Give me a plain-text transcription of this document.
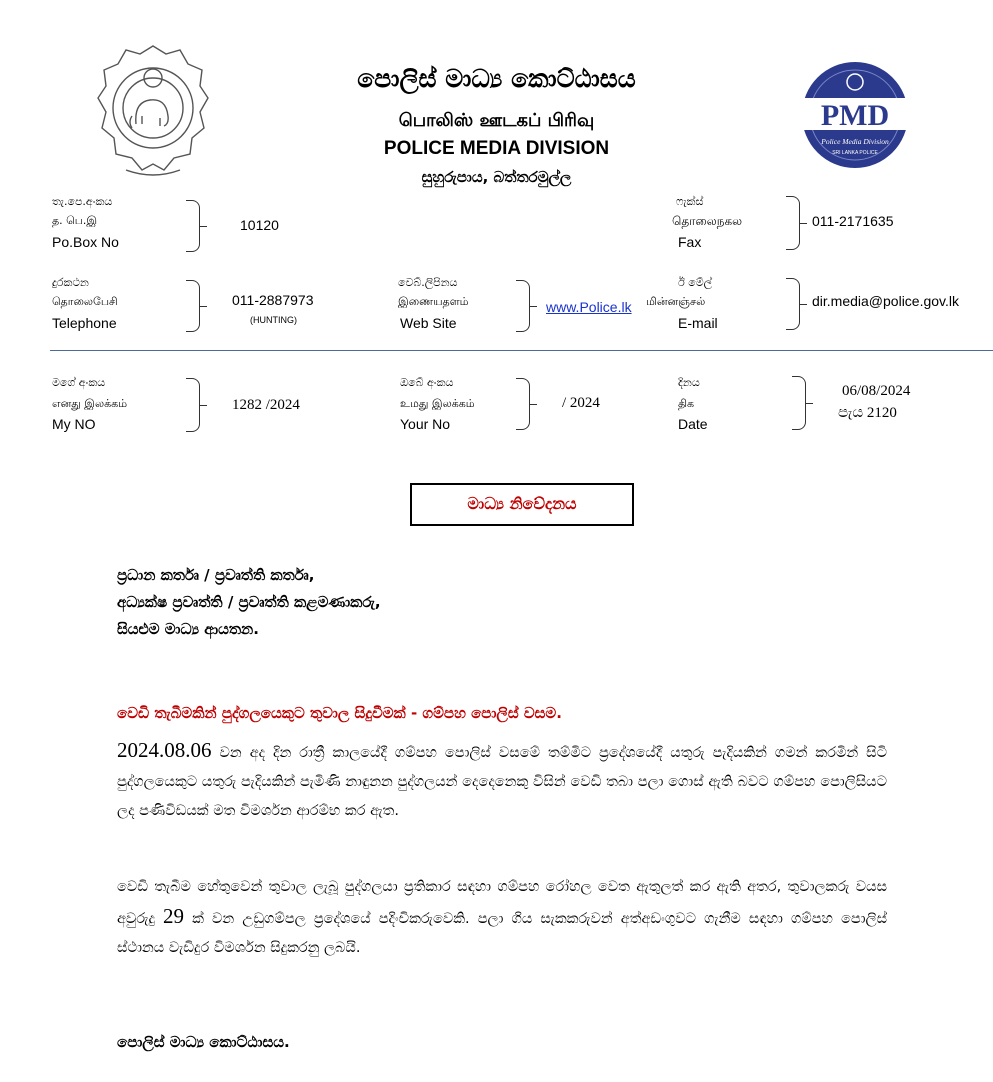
පොලිස් මාධ්‍ය කොට්ඨාසය
பொலிஸ் ஊடகப் பிரிவு
POLICE MEDIA DIVISION
සුහුරුපාය, බත්තරමුල්ල
PMD
Police Media Division
SRI LANKA POLICE
තැ.පෙ.අංකය
த. பெ.இ
Po.Box No
10120
ෆැක්ස්
தொலைநகல
Fax
011-2171635
දුරකථන
தொலைபேசி
Telephone
011-2887973
(HUNTING)
වෙබ්.ලිපිනය
இணையதளம்
Web Site
www.Police.lk
ඊ මේල්
மின்னஞ்சல்
E-mail
dir.media@police.gov.lk
මගේ අංකය
எனது இலக்கம்
My NO
1282 /2024
ඔබේ අංකය
உமது இலக்கம்
Your No
/ 2024
දිනය
திக
Date
06/08/2024
පැය 2120
මාධ්‍ය නිවේදනය
ප්‍රධාන කර්තෘ / ප්‍රවෘත්ති කර්තෘ,
අධ්‍යක්ෂ ප්‍රවෘත්ති / ප්‍රවෘත්ති කළමණාකරු,
සියළුම මාධ්‍ය ආයතන.
වෙඩි තැබීමකින් පුද්ගලයෙකුට තුවාල සිදුවීමක් - ගම්පහ පොලිස් වසම.
2024.08.06 වන අද දින රාත්‍රී කාලයේදී ගම්පහ පොලිස් වසමේ තම්මිට ප්‍රදේශයේදී යතුරු පැදියකින් ගමන් කරමින් සිටි පුද්ගලයෙකුට යතුරු පැදියකින් පැමිණි නාඳුනන පුද්ගලයන් දෙදෙනෙකු විසින් වෙඩි තබා පලා ගොස් ඇති බවට ගම්පහ පොලිසියට ලද පණිවිඩයක් මත විමර්ශන ආරම්භ කර ඇත.
වෙඩි තැබීම හේතුවෙන් තුවාල ලැබූ පුද්ගලයා ප්‍රතිකාර සඳහා ගම්පහ රෝහල වෙත ඇතුලත් කර ඇති අතර, තුවාලකරු වයස අවුරුදු 29 ක් වන උඩුගම්පල ප්‍රදේශයේ පදිංචිකරුවෙකි. පලා ගිය සැකකරුවන් අත්අඩංගුවට ගැනීම සඳහා ගම්පහ පොලිස් ස්ථානය වැඩිදුර විමර්ශන සිදුකරනු ලබයි.
පොලිස් මාධ්‍ය කොට්ඨාසය.
